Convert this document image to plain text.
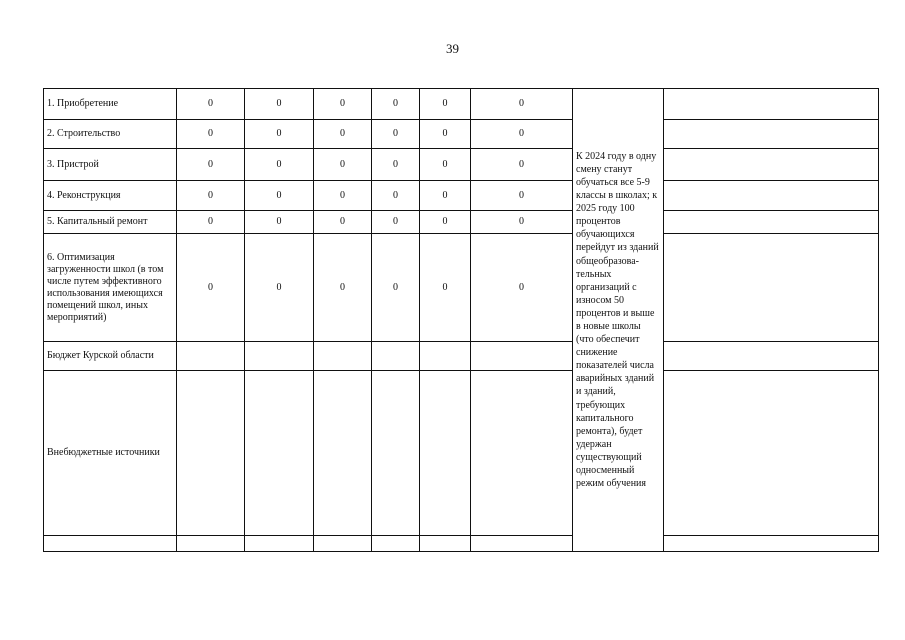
39
1. Приобретение	0	0	0	0	0	0	К 2024 году в одну смену станут обучаться все 5-9 классы в школах; к 2025 году 100 процентов обучающихся перейдут из зданий общеобразова-тельных организаций с износом 50 процентов и выше в новые школы (что обеспечит снижение показателей числа аварийных зданий и зданий, требующих капитального ремонта), будет удержан существующий односменный режим обучения	
2. Строительство	0	0	0	0	0	0		
3. Пристрой	0	0	0	0	0	0		
4. Реконструкция	0	0	0	0	0	0		
5. Капитальный ремонт	0	0	0	0	0	0		
6. Оптимизация загруженности школ (в том числе путем эффективного использования имеющихся помещений школ, иных мероприятий)	0	0	0	0	0	0		
Бюджет Курской области								
Внебюджетные источники								
